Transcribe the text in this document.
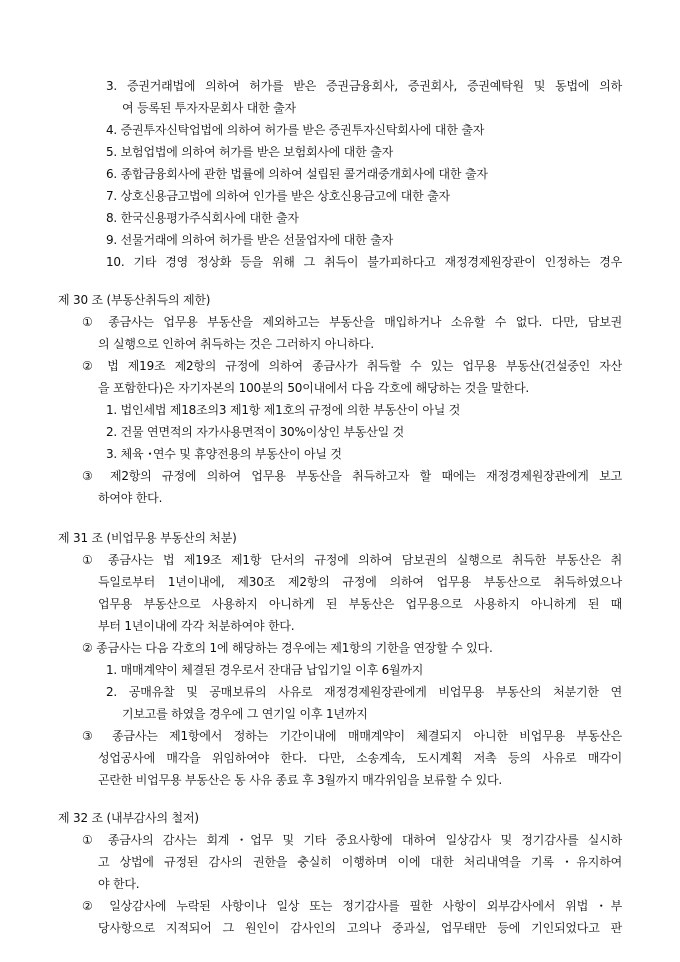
3. 증권거래법에 의하여 허가를 받은 증권금융회사, 증권회사, 증권예탁원 및 동법에 의하
여 등록된 투자자문회사 대한 출자
4. 증권투자신탁업법에 의하여 허가를 받은 증권투자신탁회사에 대한 출자
5. 보험업법에 의하여 허가를 받은 보험회사에 대한 출자
6. 종합금융회사에 관한 법률에 의하여 설립된 콜거래중개회사에 대한 출자
7. 상호신용금고법에 의하여 인가를 받은 상호신용금고에 대한 출자
8. 한국신용평가주식회사에 대한 출자
9. 선물거래에 의하여 허가를 받은 선물업자에 대한 출자
10. 기타 경영 정상화 등을 위해 그 취득이 불가피하다고 재정경제원장관이 인정하는 경우
제 30 조 (부동산취득의 제한)
① 종금사는 업무용 부동산을 제외하고는 부동산을 매입하거나 소유할 수 없다. 다만, 담보권
의 실행으로 인하여 취득하는 것은 그러하지 아니하다.
② 법 제19조 제2항의 규정에 의하여 종금사가 취득할 수 있는 업무용 부동산(건설중인 자산
을 포함한다)은 자기자본의 100분의 50이내에서 다음 각호에 해당하는 것을 말한다.
1. 법인세법 제18조의3 제1항 제1호의 규정에 의한 부동산이 아닐 것
2. 건물 연면적의 자가사용면적이 30%이상인 부동산일 것
3. 체육 ･연수 및 휴양전용의 부동산이 아닐 것
③ 제2항의 규정에 의하여 업무용 부동산을 취득하고자 할 때에는 재정경제원장관에게 보고
하여야 한다.
제 31 조 (비업무용 부동산의 처분)
① 종금사는 법 제19조 제1항 단서의 규정에 의하여 담보권의 실행으로 취득한 부동산은 취
득일로부터 1년이내에, 제30조 제2항의 규정에 의하여 업무용 부동산으로 취득하였으나
업무용 부동산으로 사용하지 아니하게 된 부동산은 업무용으로 사용하지 아니하게 된 때
부터 1년이내에 각각 처분하여야 한다.
② 종금사는 다음 각호의 1에 해당하는 경우에는 제1항의 기한을 연장할 수 있다.
1. 매매계약이 체결된 경우로서 잔대금 납입기일 이후 6월까지
2. 공매유찰 및 공매보류의 사유로 재정경제원장관에게 비업무용 부동산의 처분기한 연
기보고를 하였을 경우에 그 연기일 이후 1년까지
③ 종금사는 제1항에서 정하는 기간이내에 매매계약이 체결되지 아니한 비업무용 부동산은
성업공사에 매각을 위임하여야 한다. 다만, 소송계속, 도시계획 저촉 등의 사유로 매각이
곤란한 비업무용 부동산은 동 사유 종료 후 3월까지 매각위임을 보류할 수 있다.
제 32 조 (내부감사의 철저)
① 종금사의 감사는 회계 ･업무 및 기타 중요사항에 대하여 일상감사 및 정기감사를 실시하
고 상법에 규정된 감사의 권한을 충실히 이행하며 이에 대한 처리내역을 기록 ･유지하여
야 한다.
② 일상감사에 누락된 사항이나 일상 또는 정기감사를 필한 사항이 외부감사에서 위법 ･부
당사항으로 지적되어 그 원인이 감사인의 고의나 중과실, 업무태만 등에 기인되었다고 판
